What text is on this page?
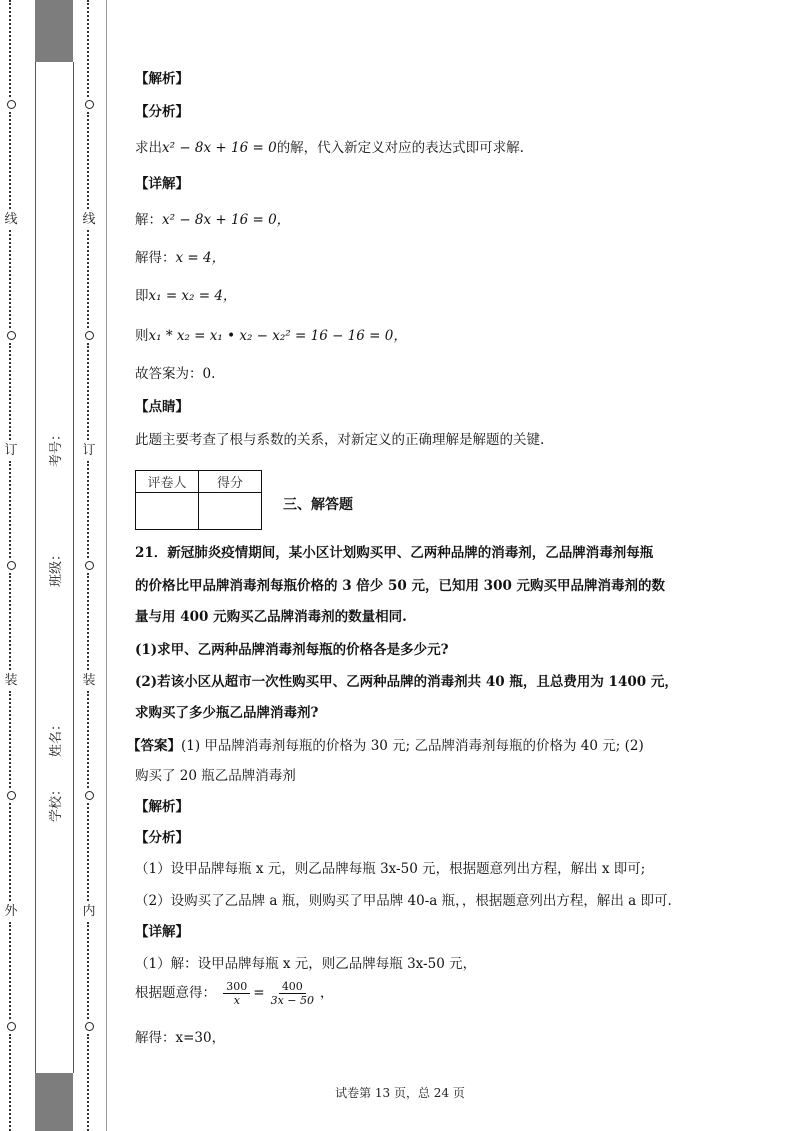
线
订
装
外
姓名：
班级：
考号：
学校：
线
订
装
内
【解析】
【分析】
求出x² − 8x + 16 = 0的解，代入新定义对应的表达式即可求解.
【详解】
解：x² − 8x + 16 = 0，
解得：x = 4，
即x₁ = x₂ = 4，
则x₁ * x₂ = x₁ • x₂ − x₂² = 16 − 16 = 0，
故答案为：0.
【点睛】
此题主要考查了根与系数的关系，对新定义的正确理解是解题的关键.
评卷人	得分

三、解答题
21．新冠肺炎疫情期间，某小区计划购买甲、乙两种品牌的消毒剂，乙品牌消毒剂每瓶
的价格比甲品牌消毒剂每瓶价格的 3 倍少 50 元，已知用 300 元购买甲品牌消毒剂的数
量与用 400 元购买乙品牌消毒剂的数量相同.
(1)求甲、乙两种品牌消毒剂每瓶的价格各是多少元?
(2)若该小区从超市一次性购买甲、乙两种品牌的消毒剂共 40 瓶，且总费用为 1400 元，
求购买了多少瓶乙品牌消毒剂?
【答案】(1) 甲品牌消毒剂每瓶的价格为 30 元; 乙品牌消毒剂每瓶的价格为 40 元; (2)
购买了 20 瓶乙品牌消毒剂
【解析】
【分析】
（1）设甲品牌每瓶 x 元，则乙品牌每瓶 3x-50 元，根据题意列出方程，解出 x 即可;
（2）设购买了乙品牌 a 瓶，则购买了甲品牌 40-a 瓶，，根据题意列出方程，解出 a 即可.
【详解】
（1）解：设甲品牌每瓶 x 元，则乙品牌每瓶 3x-50 元，
根据题意得： $\frac{300}{x} = \frac{400}{3x - 50}$ ，
解得：x=30，
试卷第 13 页，总 24 页
